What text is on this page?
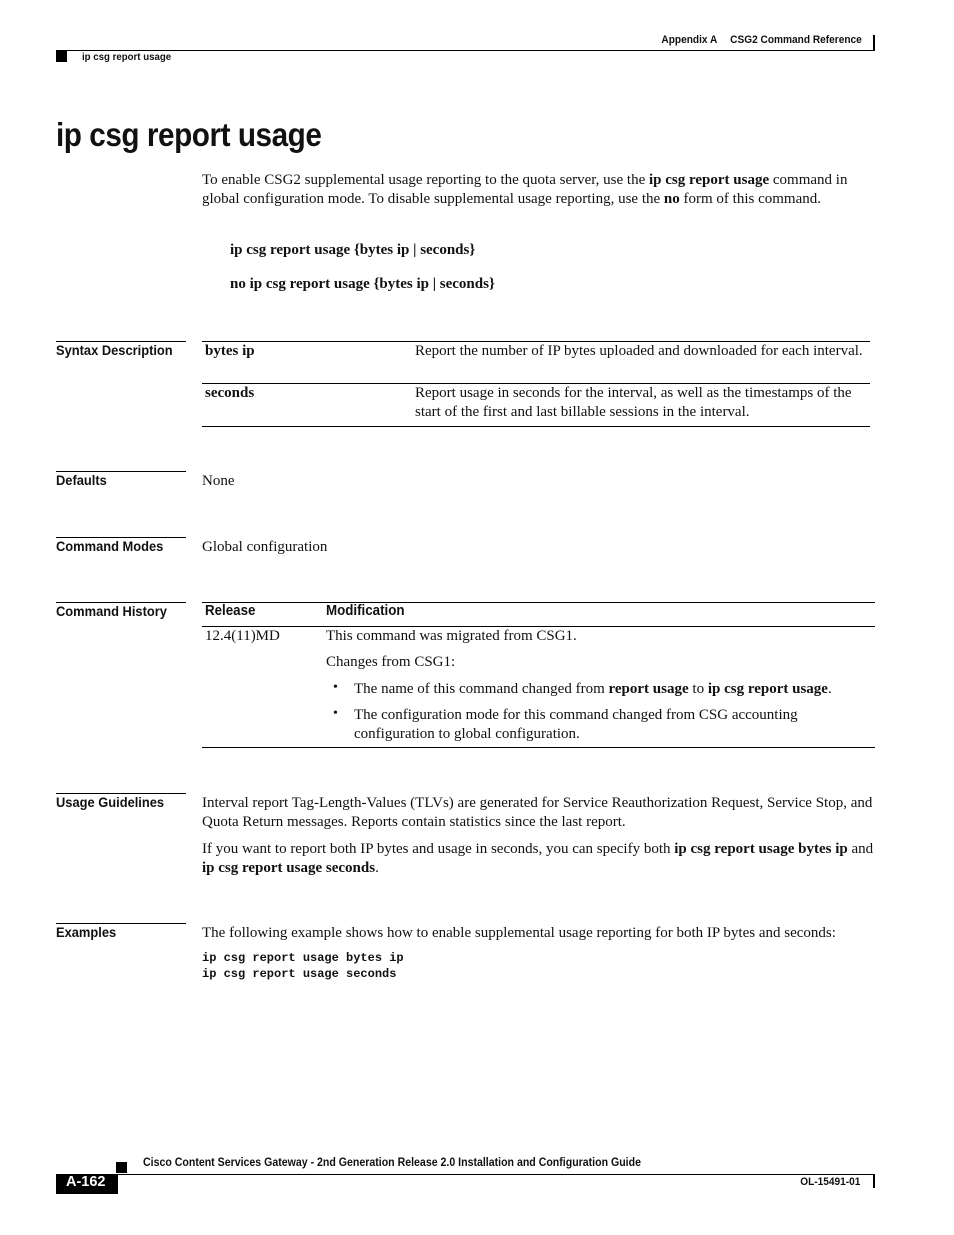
Appendix A CSG2 Command Reference
ip csg report usage
ip csg report usage
To enable CSG2 supplemental usage reporting to the quota server, use the ip csg report usage command in global configuration mode. To disable supplemental usage reporting, use the no form of this command.
ip csg report usage {bytes ip | seconds}
no ip csg report usage {bytes ip | seconds}
Syntax Description bytes ip	Report the number of IP bytes uploaded and downloaded for each interval.
seconds	Report usage in seconds for the interval, as well as the timestamps of the start of the first and last billable sessions in the interval.
Defaults	None
Command Modes	Global configuration
Command History	Release	Modification
12.4(11)MD	This command was migrated from CSG1.
Changes from CSG1:
• The name of this command changed from report usage to ip csg report usage.
• The configuration mode for this command changed from CSG accounting configuration to global configuration.
Usage Guidelines	Interval report Tag-Length-Values (TLVs) are generated for Service Reauthorization Request, Service Stop, and Quota Return messages. Reports contain statistics since the last report.
If you want to report both IP bytes and usage in seconds, you can specify both ip csg report usage bytes ip and ip csg report usage seconds.
Examples	The following example shows how to enable supplemental usage reporting for both IP bytes and seconds:
ip csg report usage bytes ip
ip csg report usage seconds
Cisco Content Services Gateway - 2nd Generation Release 2.0 Installation and Configuration Guide
A-162	OL-15491-01
